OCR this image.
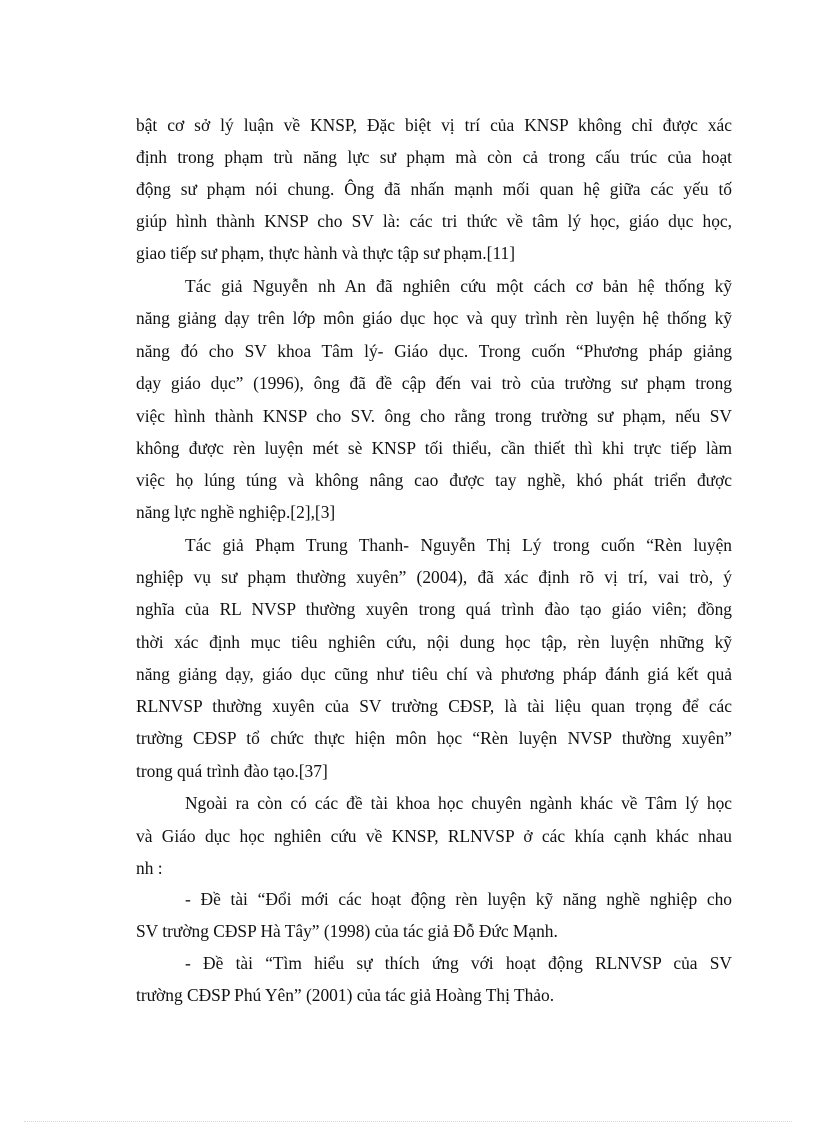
bật cơ sở lý luận về KNSP, Đặc biệt vị trí của KNSP không chỉ được xác
định trong phạm trù năng lực sư phạm mà còn cả trong cấu trúc của hoạt
động sư phạm nói chung. Ông đã nhấn mạnh mối quan hệ giữa các yếu tố
giúp hình thành KNSP cho SV là: các tri thức về tâm lý học, giáo dục học,
giao tiếp sư phạm, thực hành và thực tập sư phạm.[11]
Tác giả Nguyễn nh An đã nghiên cứu một cách cơ bản hệ thống kỹ
năng giảng dạy trên lớp môn giáo dục học và quy trình rèn luyện hệ thống kỹ
năng đó cho SV khoa Tâm lý- Giáo dục. Trong cuốn “Phương pháp giảng
dạy giáo dục” (1996), ông đã đề cập đến vai trò của trường sư phạm trong
việc hình thành KNSP cho SV. ông cho rằng trong trường sư phạm, nếu SV
không được rèn luyện mét sè KNSP tối thiểu, cần thiết thì khi trực tiếp làm
việc họ lúng túng và không nâng cao được tay nghề, khó phát triển được
năng lực nghề nghiệp.[2],[3]
Tác giả Phạm Trung Thanh- Nguyễn Thị Lý trong cuốn “Rèn luyện
nghiệp vụ sư phạm thường xuyên” (2004), đã xác định rõ vị trí, vai trò, ý
nghĩa của RL NVSP thường xuyên trong quá trình đào tạo giáo viên; đồng
thời xác định mục tiêu nghiên cứu, nội dung học tập, rèn luyện những kỹ
năng giảng dạy, giáo dục cũng như tiêu chí và phương pháp đánh giá kết quả
RLNVSP thường xuyên của SV trường CĐSP, là tài liệu quan trọng để các
trường CĐSP tổ chức thực hiện môn học “Rèn luyện NVSP thường xuyên”
trong quá trình đào tạo.[37]
Ngoài ra còn có các đề tài khoa học chuyên ngành khác về Tâm lý học
và Giáo dục học nghiên cứu về KNSP, RLNVSP ở các khía cạnh khác nhau
nh :
- Đề tài “Đổi mới các hoạt động rèn luyện kỹ năng nghề nghiệp cho
SV trường CĐSP Hà Tây” (1998) của tác giả Đỗ Đức Mạnh.
- Đề tài “Tìm hiểu sự thích ứng với hoạt động RLNVSP của SV
trường CĐSP Phú Yên” (2001) của tác giả Hoàng Thị Thảo.
